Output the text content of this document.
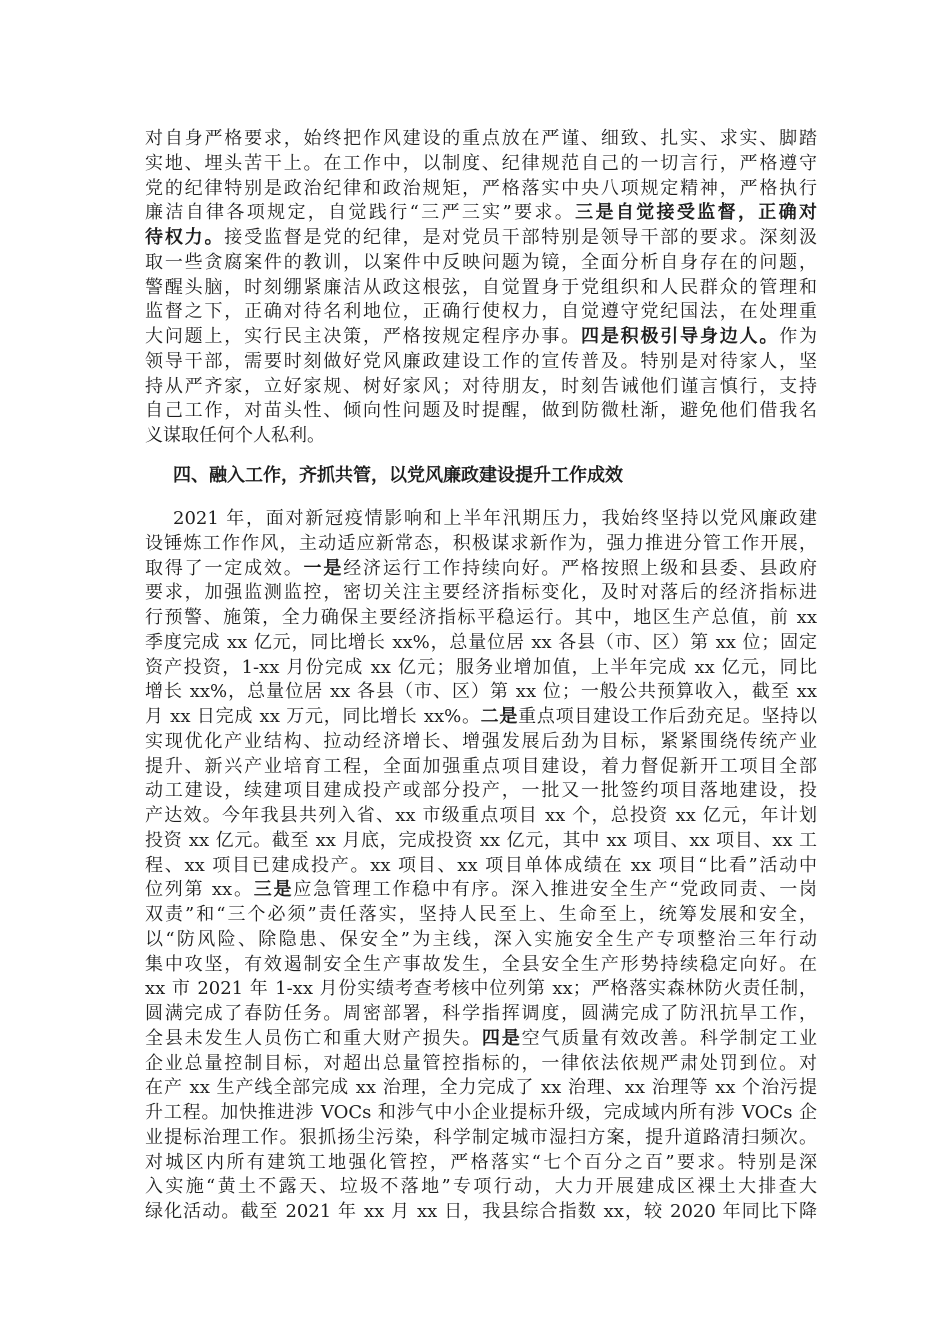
对自身严格要求，始终把作风建设的重点放在严谨、细致、扎实、求实、脚踏
实地、埋头苦干上。在工作中，以制度、纪律规范自己的一切言行，严格遵守
党的纪律特别是政治纪律和政治规矩，严格落实中央八项规定精神，严格执行
廉洁自律各项规定，自觉践行“三严三实”要求。三是自觉接受监督，正确对
待权力。接受监督是党的纪律，是对党员干部特别是领导干部的要求。深刻汲
取一些贪腐案件的教训，以案件中反映问题为镜，全面分析自身存在的问题，
警醒头脑，时刻绷紧廉洁从政这根弦，自觉置身于党组织和人民群众的管理和
监督之下，正确对待名利地位，正确行使权力，自觉遵守党纪国法，在处理重
大问题上，实行民主决策，严格按规定程序办事。四是积极引导身边人。作为
领导干部，需要时刻做好党风廉政建设工作的宣传普及。特别是对待家人，坚
持从严齐家，立好家规、树好家风；对待朋友，时刻告诫他们谨言慎行，支持
自己工作，对苗头性、倾向性问题及时提醒，做到防微杜渐，避免他们借我名
义谋取任何个人私利。
四、融入工作，齐抓共管，以党风廉政建设提升工作成效
2021 年，面对新冠疫情影响和上半年汛期压力，我始终坚持以党风廉政建
设锤炼工作作风，主动适应新常态，积极谋求新作为，强力推进分管工作开展，
取得了一定成效。一是经济运行工作持续向好。严格按照上级和县委、县政府
要求，加强监测监控，密切关注主要经济指标变化，及时对落后的经济指标进
行预警、施策，全力确保主要经济指标平稳运行。其中，地区生产总值，前 xx
季度完成 xx 亿元，同比增长 xx%，总量位居 xx 各县（市、区）第 xx 位；固定
资产投资，1-xx 月份完成 xx 亿元；服务业增加值，上半年完成 xx 亿元，同比
增长 xx%，总量位居 xx 各县（市、区）第 xx 位；一般公共预算收入，截至 xx
月 xx 日完成 xx 万元，同比增长 xx%。二是重点项目建设工作后劲充足。坚持以
实现优化产业结构、拉动经济增长、增强发展后劲为目标，紧紧围绕传统产业
提升、新兴产业培育工程，全面加强重点项目建设，着力督促新开工项目全部
动工建设，续建项目建成投产或部分投产，一批又一批签约项目落地建设，投
产达效。今年我县共列入省、xx 市级重点项目 xx 个，总投资 xx 亿元，年计划
投资 xx 亿元。截至 xx 月底，完成投资 xx 亿元，其中 xx 项目、xx 项目、xx 工
程、xx 项目已建成投产。xx 项目、xx 项目单体成绩在 xx 项目“比看”活动中
位列第 xx。三是应急管理工作稳中有序。深入推进安全生产“党政同责、一岗
双责”和“三个必须”责任落实，坚持人民至上、生命至上，统筹发展和安全，
以“防风险、除隐患、保安全”为主线，深入实施安全生产专项整治三年行动
集中攻坚，有效遏制安全生产事故发生，全县安全生产形势持续稳定向好。在
xx 市 2021 年 1-xx 月份实绩考查考核中位列第 xx；严格落实森林防火责任制，
圆满完成了春防任务。周密部署，科学指挥调度，圆满完成了防汛抗旱工作，
全县未发生人员伤亡和重大财产损失。四是空气质量有效改善。科学制定工业
企业总量控制目标，对超出总量管控指标的，一律依法依规严肃处罚到位。对
在产 xx 生产线全部完成 xx 治理，全力完成了 xx 治理、xx 治理等 xx 个治污提
升工程。加快推进涉 VOCs 和涉气中小企业提标升级，完成域内所有涉 VOCs 企
业提标治理工作。狠抓扬尘污染，科学制定城市湿扫方案，提升道路清扫频次。
对城区内所有建筑工地强化管控，严格落实“七个百分之百”要求。特别是深
入实施“黄土不露天、垃圾不落地”专项行动，大力开展建成区裸土大排查大
绿化活动。截至 2021 年 xx 月 xx 日，我县综合指数 xx，较 2020 年同比下降
